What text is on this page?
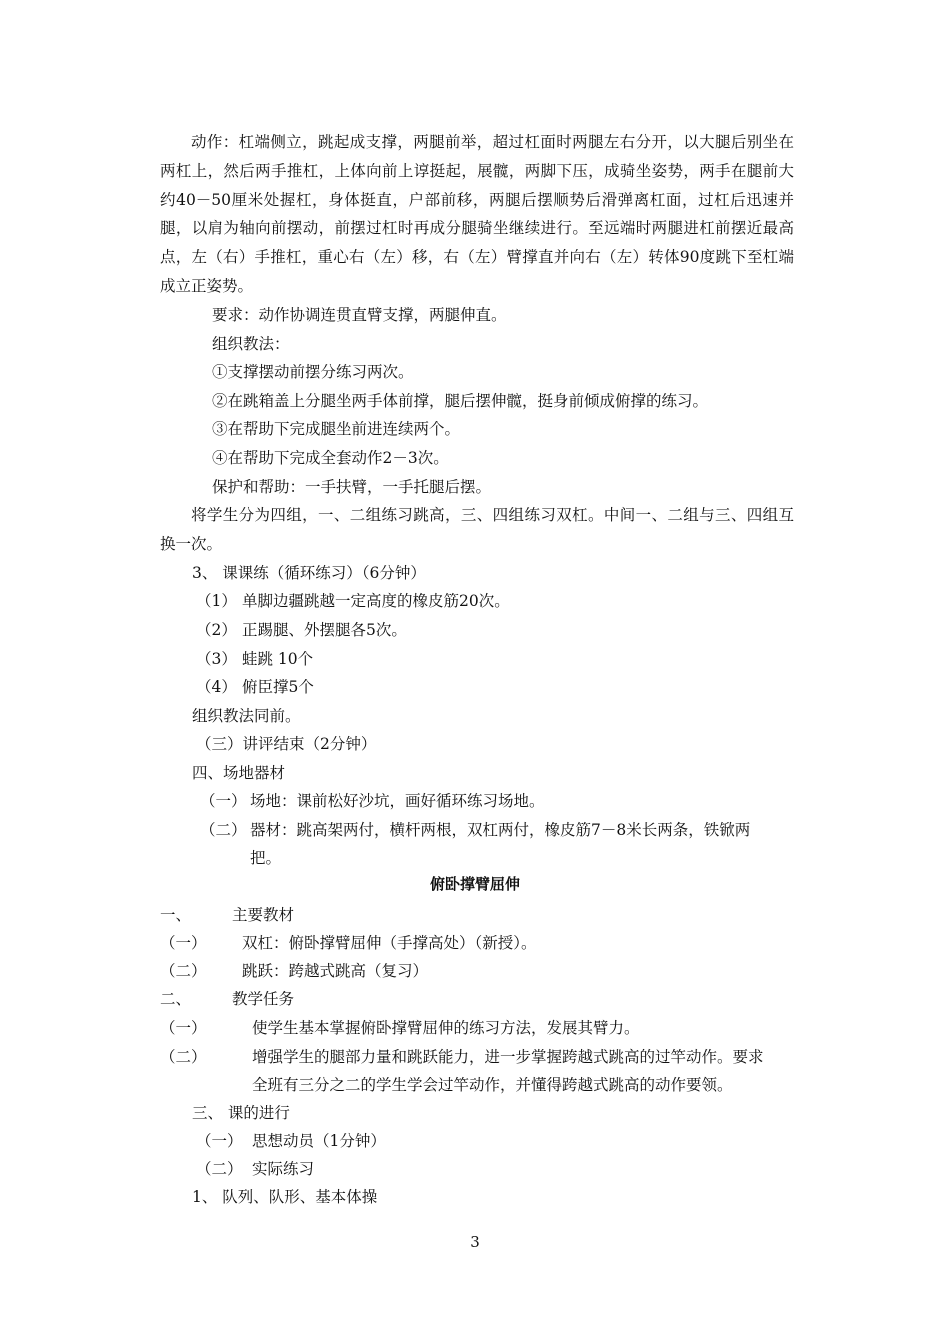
动作：杠端侧立，跳起成支撑，两腿前举，超过杠面时两腿左右分开，以大腿后别坐在两杠上，然后两手推杠，上体向前上谆挺起，展髋，两脚下压，成骑坐姿势，两手在腿前大约40－50厘米处握杠，身体挺直，户部前移，两腿后摆顺势后滑弹离杠面，过杠后迅速并腿，以肩为轴向前摆动，前摆过杠时再成分腿骑坐继续进行。至远端时两腿进杠前摆近最高点，左（右）手推杠，重心右（左）移，右（左）臂撑直并向右（左）转体90度跳下至杠端成立正姿势。
要求：动作协调连贯直臂支撑，两腿伸直。
组织教法：
①支撑摆动前摆分练习两次。
②在跳箱盖上分腿坐两手体前撑，腿后摆伸髋，挺身前倾成俯撑的练习。
③在帮助下完成腿坐前进连续两个。
④在帮助下完成全套动作2－3次。
保护和帮助：一手扶臂，一手托腿后摆。
将学生分为四组，一、二组练习跳高，三、四组练习双杠。中间一、二组与三、四组互换一次。
3、 课课练（循环练习）（6分钟）
（1） 单脚边疆跳越一定高度的橡皮筋20次。
（2） 正踢腿、外摆腿各5次。
（3） 蛙跳 10个
（4） 俯臣撑5个
组织教法同前。
（三）讲评结束（2分钟）
四、场地器材
（一） 场地：课前松好沙坑，画好循环练习场地。
（二） 器材：跳高架两付，横杆两根，双杠两付，橡皮筋7－8米长两条，铁锨两
把。
俯卧撑臂屈伸
一、	主要教材
（一） 双杠：俯卧撑臂屈伸（手撑高处）（新授）。
（二） 跳跃：跨越式跳高（复习）
二、	教学任务
（一）	使学生基本掌握俯卧撑臂屈伸的练习方法，发展其臂力。
（二）	增强学生的腿部力量和跳跃能力，进一步掌握跨越式跳高的过竿动作。要求
全班有三分之二的学生学会过竿动作，并懂得跨越式跳高的动作要领。
三、 课的进行
（一） 思想动员（1分钟）
（二） 实际练习
1、 队列、队形、基本体操
3
